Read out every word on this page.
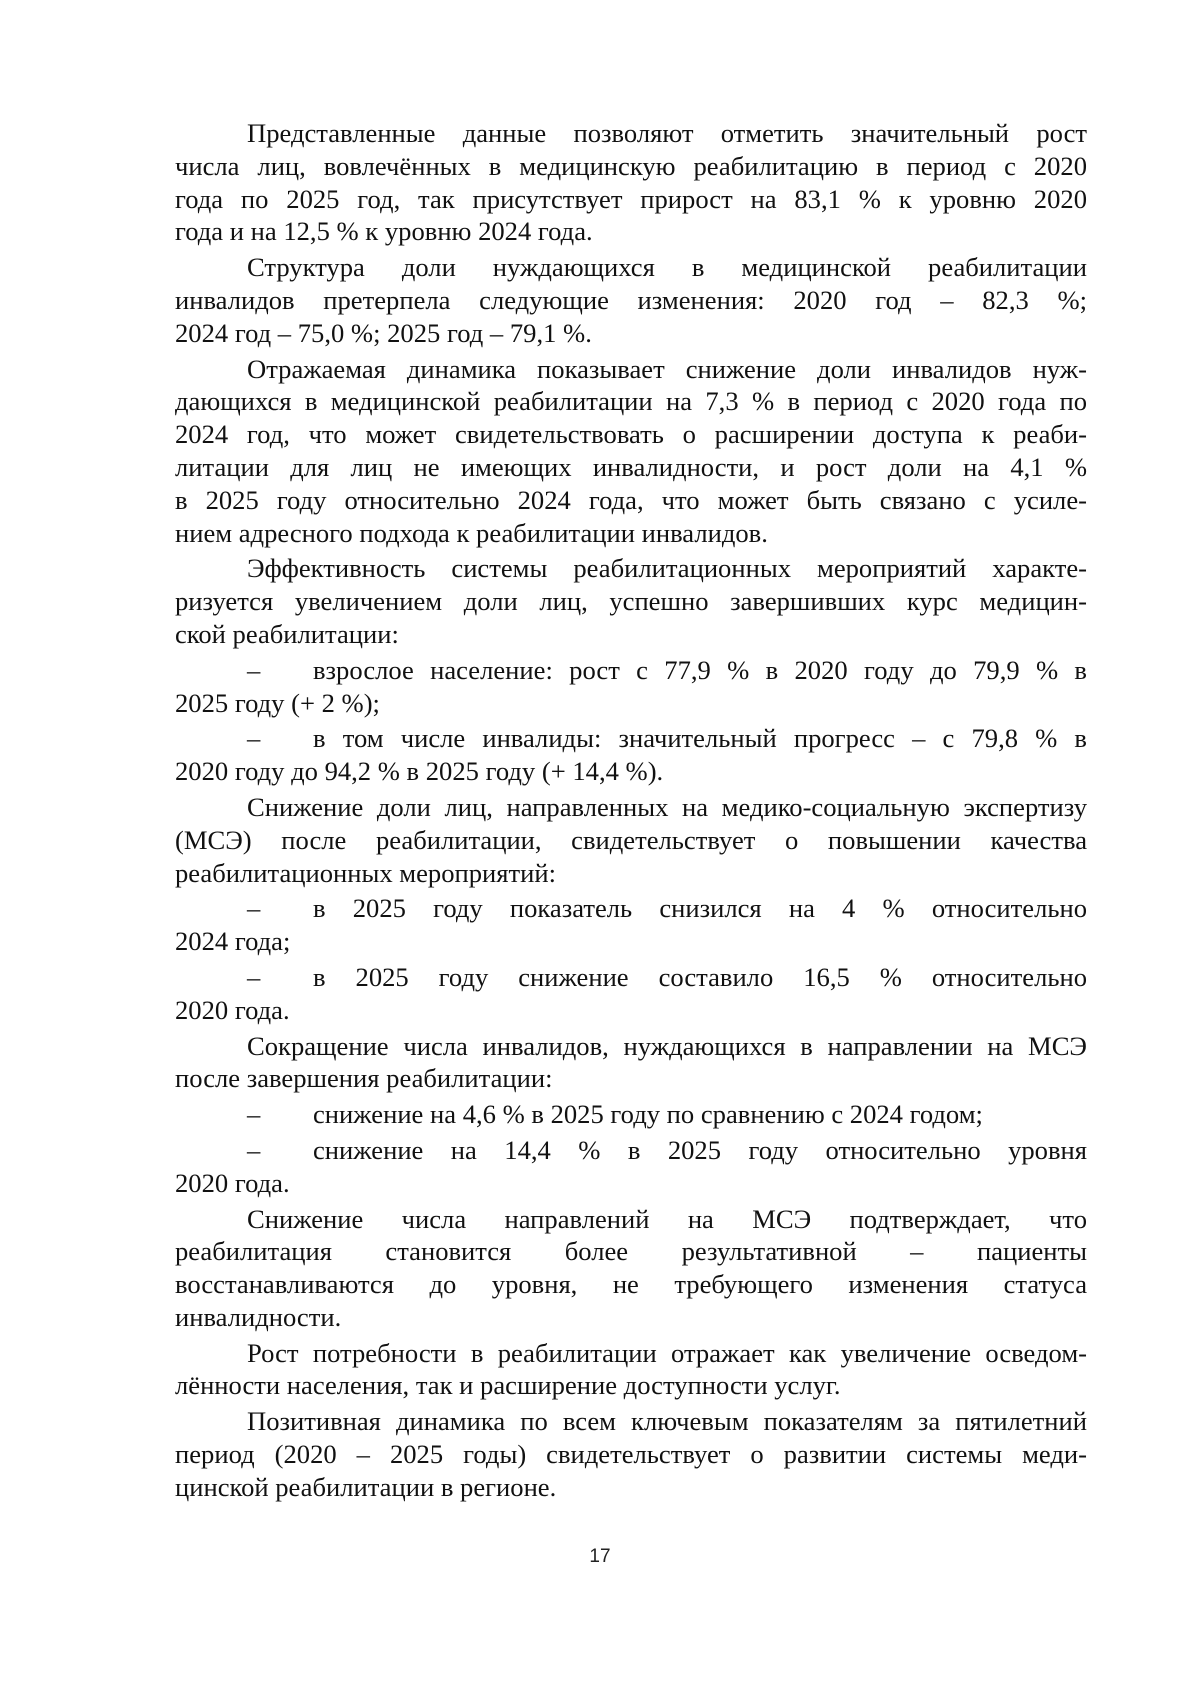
Представленные данные позволяют отметить значительный рост
числа лиц, вовлечённых в медицинскую реабилитацию в период с 2020
года по 2025 год, так присутствует прирост на 83,1 % к уровню 2020
года и на 12,5 % к уровню 2024 года.
Структура доли нуждающихся в медицинской реабилитации
инвалидов претерпела следующие изменения: 2020 год – 82,3 %;
2024 год – 75,0 %; 2025 год – 79,1 %.
Отражаемая динамика показывает снижение доли инвалидов нуж-
дающихся в медицинской реабилитации на 7,3 % в период с 2020 года по
2024 год, что может свидетельствовать о расширении доступа к реаби-
литации для лиц не имеющих инвалидности, и рост доли на 4,1 %
в 2025 году относительно 2024 года, что может быть связано с усиле-
нием адресного подхода к реабилитации инвалидов.
Эффективность системы реабилитационных мероприятий характе-
ризуется увеличением доли лиц, успешно завершивших курс медицин-
ской реабилитации:
– взрослое население: рост с 77,9 % в 2020 году до 79,9 % в
2025 году (+ 2 %);
– в том числе инвалиды: значительный прогресс – с 79,8 % в
2020 году до 94,2 % в 2025 году (+ 14,4 %).
Снижение доли лиц, направленных на медико-социальную экспертизу
(МСЭ) после реабилитации, свидетельствует о повышении качества
реабилитационных мероприятий:
– в 2025 году показатель снизился на 4 % относительно
2024 года;
– в 2025 году снижение составило 16,5 % относительно
2020 года.
Сокращение числа инвалидов, нуждающихся в направлении на МСЭ
после завершения реабилитации:
– снижение на 4,6 % в 2025 году по сравнению с 2024 годом;
– снижение на 14,4 % в 2025 году относительно уровня
2020 года.
Снижение числа направлений на МСЭ подтверждает, что
реабилитация становится более результативной – пациенты
восстанавливаются до уровня, не требующего изменения статуса
инвалидности.
Рост потребности в реабилитации отражает как увеличение осведом-
лённости населения, так и расширение доступности услуг.
Позитивная динамика по всем ключевым показателям за пятилетний
период (2020 – 2025 годы) свидетельствует о развитии системы меди-
цинской реабилитации в регионе.
17
